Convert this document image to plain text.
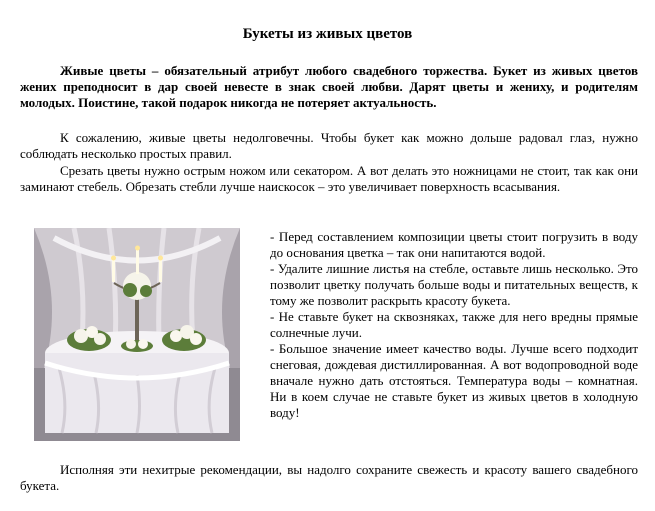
Букеты из живых цветов

Живые цветы – обязательный атрибут любого свадебного торжества. Букет из живых цветов жених преподносит в дар своей невесте в знак своей любви. Дарят цветы и жениху, и родителям молодых. Поистине, такой подарок никогда не потеряет актуальность.

К сожалению, живые цветы недолговечны. Чтобы букет как можно дольше радовал глаз, нужно соблюдать несколько простых правил.

Срезать цветы нужно острым ножом или секатором. А вот делать это ножницами не стоит, так как они заминают стебель. Обрезать стебли лучше наискосок – это увеличивает поверхность всасывания.

- Перед составлением композиции цветы стоит погрузить в воду до основания цветка – так они напитаются водой.

- Удалите лишние листья на стебле, оставьте лишь несколько. Это позволит цветку получать больше воды и питательных веществ, к тому же позволит раскрыть красоту букета.

- Не ставьте букет на сквозняках, также для него вредны прямые солнечные лучи.

- Большое значение имеет качество воды. Лучше всего подходит снеговая, дождевая дистиллированная. А вот водопроводной воде вначале нужно дать отстояться. Температура воды – комнатная. Ни в коем случае не ставьте букет из живых цветов в холодную воду!

Исполняя эти нехитрые рекомендации, вы надолго сохраните свежесть и красоту вашего свадебного букета.
